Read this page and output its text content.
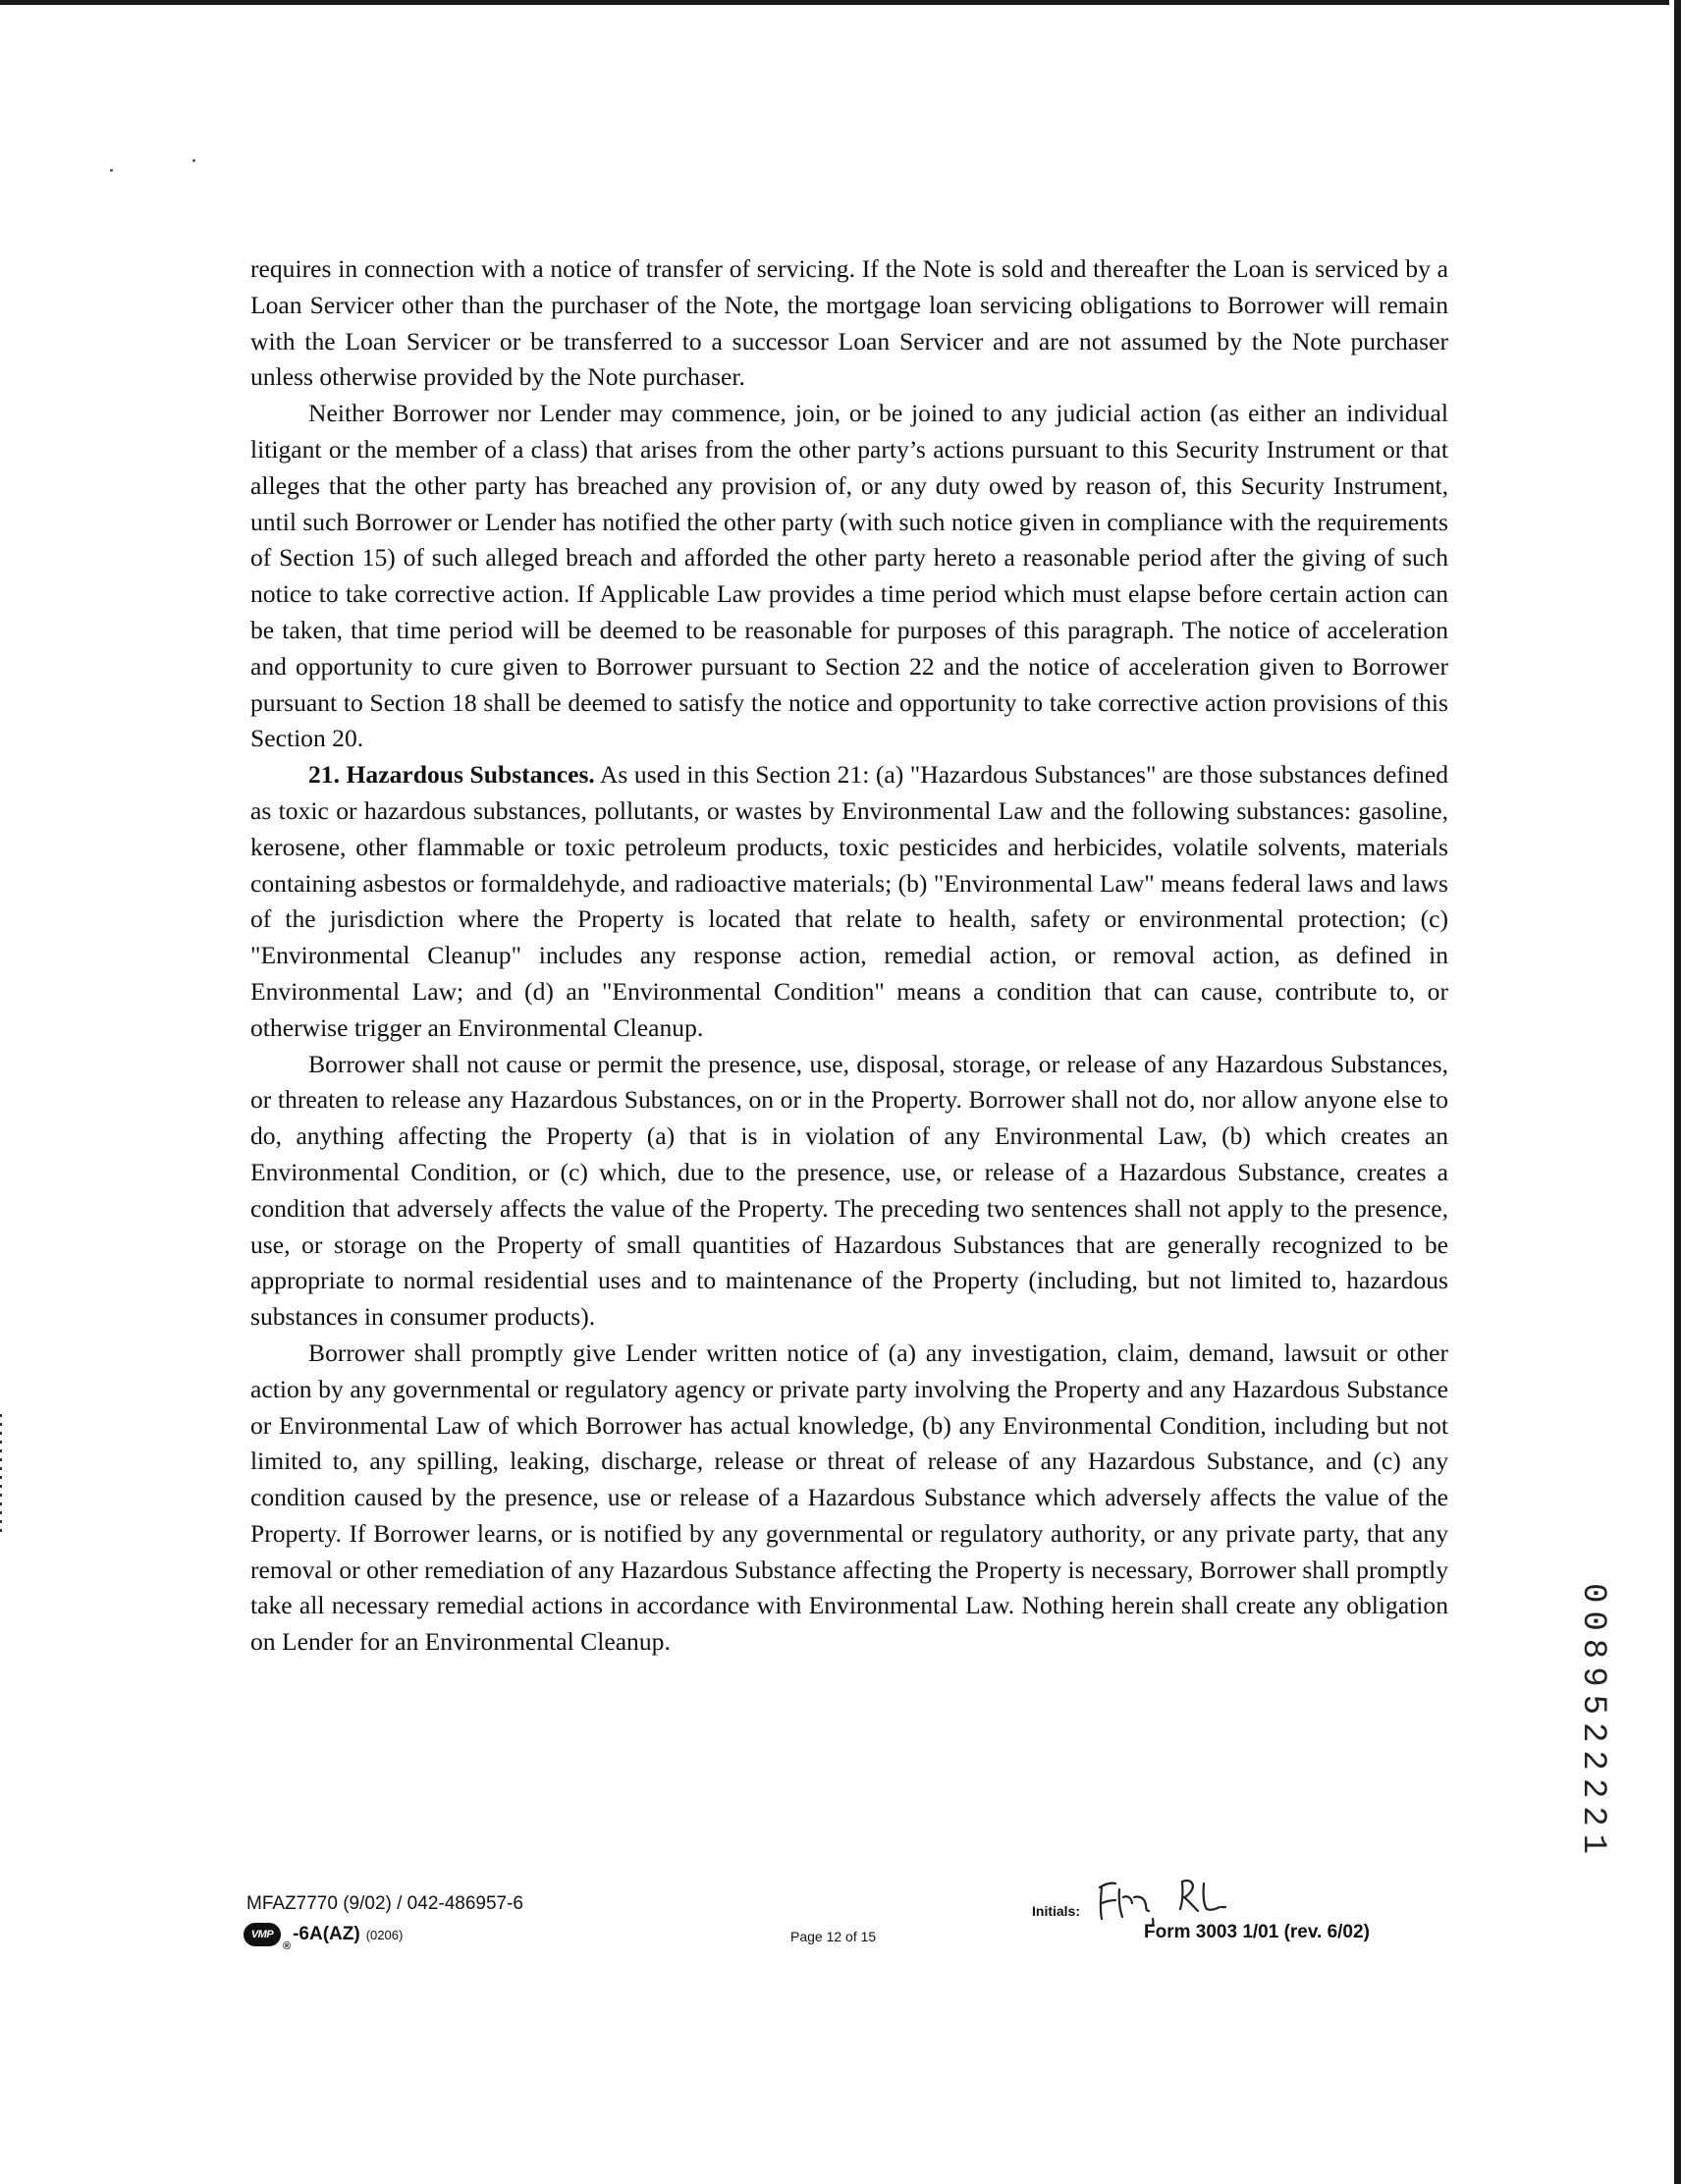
requires in connection with a notice of transfer of servicing. If the Note is sold and thereafter the Loan is serviced by a Loan Servicer other than the purchaser of the Note, the mortgage loan servicing obligations to Borrower will remain with the Loan Servicer or be transferred to a successor Loan Servicer and are not assumed by the Note purchaser unless otherwise provided by the Note purchaser.

Neither Borrower nor Lender may commence, join, or be joined to any judicial action (as either an individual litigant or the member of a class) that arises from the other party’s actions pursuant to this Security Instrument or that alleges that the other party has breached any provision of, or any duty owed by reason of, this Security Instrument, until such Borrower or Lender has notified the other party (with such notice given in compliance with the requirements of Section 15) of such alleged breach and afforded the other party hereto a reasonable period after the giving of such notice to take corrective action. If Applicable Law provides a time period which must elapse before certain action can be taken, that time period will be deemed to be reasonable for purposes of this paragraph. The notice of acceleration and opportunity to cure given to Borrower pursuant to Section 22 and the notice of acceleration given to Borrower pursuant to Section 18 shall be deemed to satisfy the notice and opportunity to take corrective action provisions of this Section 20.

21. Hazardous Substances. As used in this Section 21: (a) "Hazardous Substances" are those substances defined as toxic or hazardous substances, pollutants, or wastes by Environmental Law and the following substances: gasoline, kerosene, other flammable or toxic petroleum products, toxic pesticides and herbicides, volatile solvents, materials containing asbestos or formaldehyde, and radioactive materials; (b) "Environmental Law" means federal laws and laws of the jurisdiction where the Property is located that relate to health, safety or environmental protection; (c) "Environmental Cleanup" includes any response action, remedial action, or removal action, as defined in Environmental Law; and (d) an "Environmental Condition" means a condition that can cause, contribute to, or otherwise trigger an Environmental Cleanup.

Borrower shall not cause or permit the presence, use, disposal, storage, or release of any Hazardous Substances, or threaten to release any Hazardous Substances, on or in the Property. Borrower shall not do, nor allow anyone else to do, anything affecting the Property (a) that is in violation of any Environmental Law, (b) which creates an Environmental Condition, or (c) which, due to the presence, use, or release of a Hazardous Substance, creates a condition that adversely affects the value of the Property. The preceding two sentences shall not apply to the presence, use, or storage on the Property of small quantities of Hazardous Substances that are generally recognized to be appropriate to normal residential uses and to maintenance of the Property (including, but not limited to, hazardous substances in consumer products).

Borrower shall promptly give Lender written notice of (a) any investigation, claim, demand, lawsuit or other action by any governmental or regulatory agency or private party involving the Property and any Hazardous Substance or Environmental Law of which Borrower has actual knowledge, (b) any Environmental Condition, including but not limited to, any spilling, leaking, discharge, release or threat of release of any Hazardous Substance, and (c) any condition caused by the presence, use or release of a Hazardous Substance which adversely affects the value of the Property. If Borrower learns, or is notified by any governmental or regulatory authority, or any private party, that any removal or other remediation of any Hazardous Substance affecting the Property is necessary, Borrower shall promptly take all necessary remedial actions in accordance with Environmental Law. Nothing herein shall create any obligation on Lender for an Environmental Cleanup.	0089522221
MFAZ7770 (9/02) / 042-486957-6
VMP
®
-6A(AZ) (0206)	Page 12 of 15
Initials:
Form 3003 1/01 (rev. 6/02)
